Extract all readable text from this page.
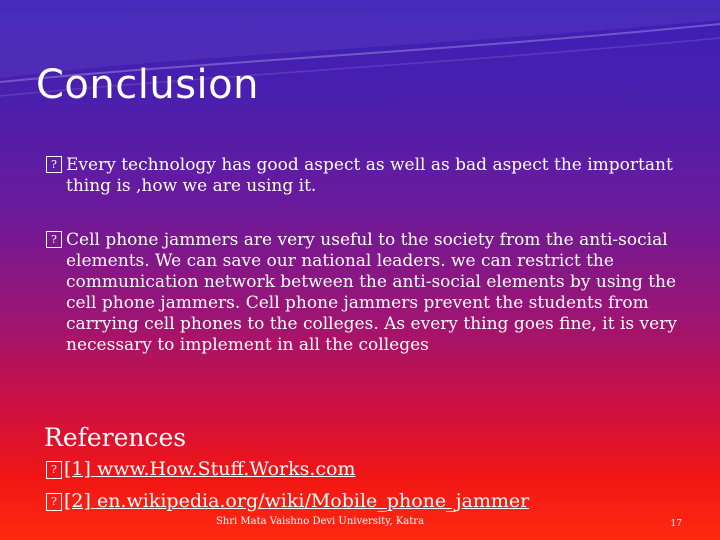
Conclusion
? Every technology has good aspect as well as bad aspect the important thing is ,how we are using it.
? Cell phone jammers are very useful to the society from the anti-social elements. We can save our national leaders. we can restrict the communication network between the anti-social elements by using the cell phone jammers. Cell phone jammers prevent the students from carrying cell phones to the colleges. As every thing goes fine, it is very necessary to implement in all the colleges
References
? [1] www.How.Stuff.Works.com
? [2] en.wikipedia.org/wiki/Mobile_phone_jammer
Shri Mata Vaishno Devi University, Katra	17
